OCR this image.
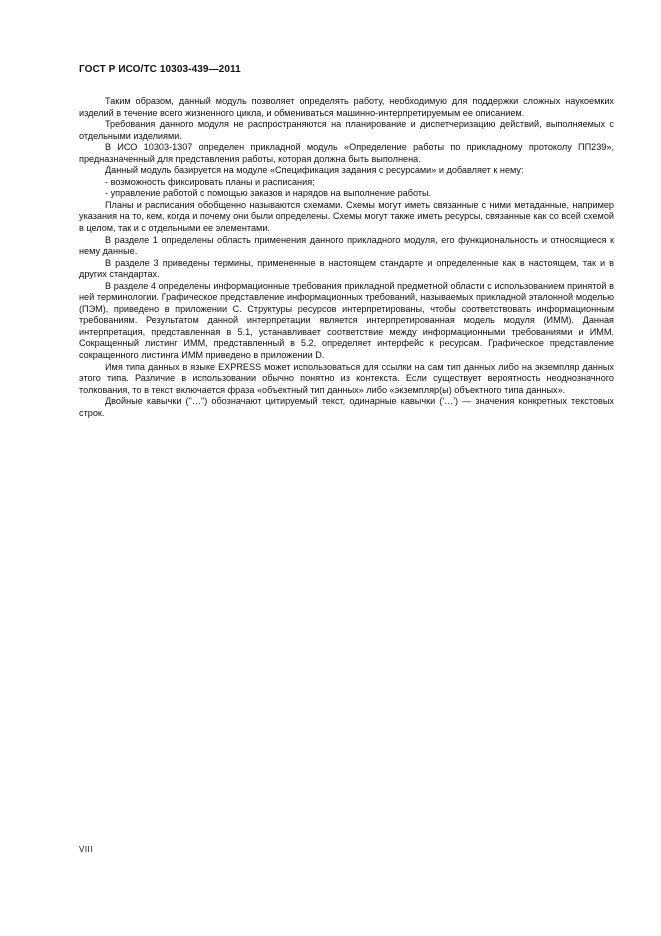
ГОСТ Р ИСО/ТС 10303-439—2011

Таким образом, данный модуль позволяет определять работу, необходимую для поддержки сложных наукоемких изделий в течение всего жизненного цикла, и обмениваться машинно-интерпретируемым ее описанием.

Требования данного модуля не распространяются на планирование и диспетчеризацию действий, выполняемых с отдельными изделиями.

В ИСО 10303-1307 определен прикладной модуль «Определение работы по прикладному протоколу ПП239», предназначенный для представления работы, которая должна быть выполнена.

Данный модуль базируется на модуле «Спецификация задания с ресурсами» и добавляет к нему:

- возможность фиксировать планы и расписания;

- управление работой с помощью заказов и нарядов на выполнение работы.

Планы и расписания обобщенно называются схемами. Схемы могут иметь связанные с ними метаданные, например указания на то, кем, когда и почему они были определены. Схемы могут также иметь ресурсы, связанные как со всей схемой в целом, так и с отдельными ее элементами.

В разделе 1 определены область применения данного прикладного модуля, его функциональность и относящиеся к нему данные.

В разделе 3 приведены термины, примененные в настоящем стандарте и определенные как в настоящем, так и в других стандартах.

В разделе 4 определены информационные требования прикладной предметной области с использованием принятой в ней терминологии. Графическое представление информационных требований, называемых прикладной эталонной моделью (ПЭМ), приведено в приложении С. Структуры ресурсов интерпретированы, чтобы соответствовать информационным требованиям. Результатом данной интерпретации является интерпретированная модель модуля (ИММ). Данная интерпретация, представленная в 5.1, устанавливает соответствие между информационными требованиями и ИММ. Сокращенный листинг ИММ, представленный в 5.2, определяет интерфейс к ресурсам. Графическое представление сокращенного листинга ИММ приведено в приложении D.

Имя типа данных в языке EXPRESS может использоваться для ссылки на сам тип данных либо на экземпляр данных этого типа. Различие в использовании обычно понятно из контекста. Если существует вероятность неоднозначного толкования, то в текст включается фраза «объектный тип данных» либо «экземпляр(ы) объектного типа данных».

Двойные кавычки ("…") обозначают цитируемый текст, одинарные кавычки ('…') — значения конкретных текстовых строк.

VIII
